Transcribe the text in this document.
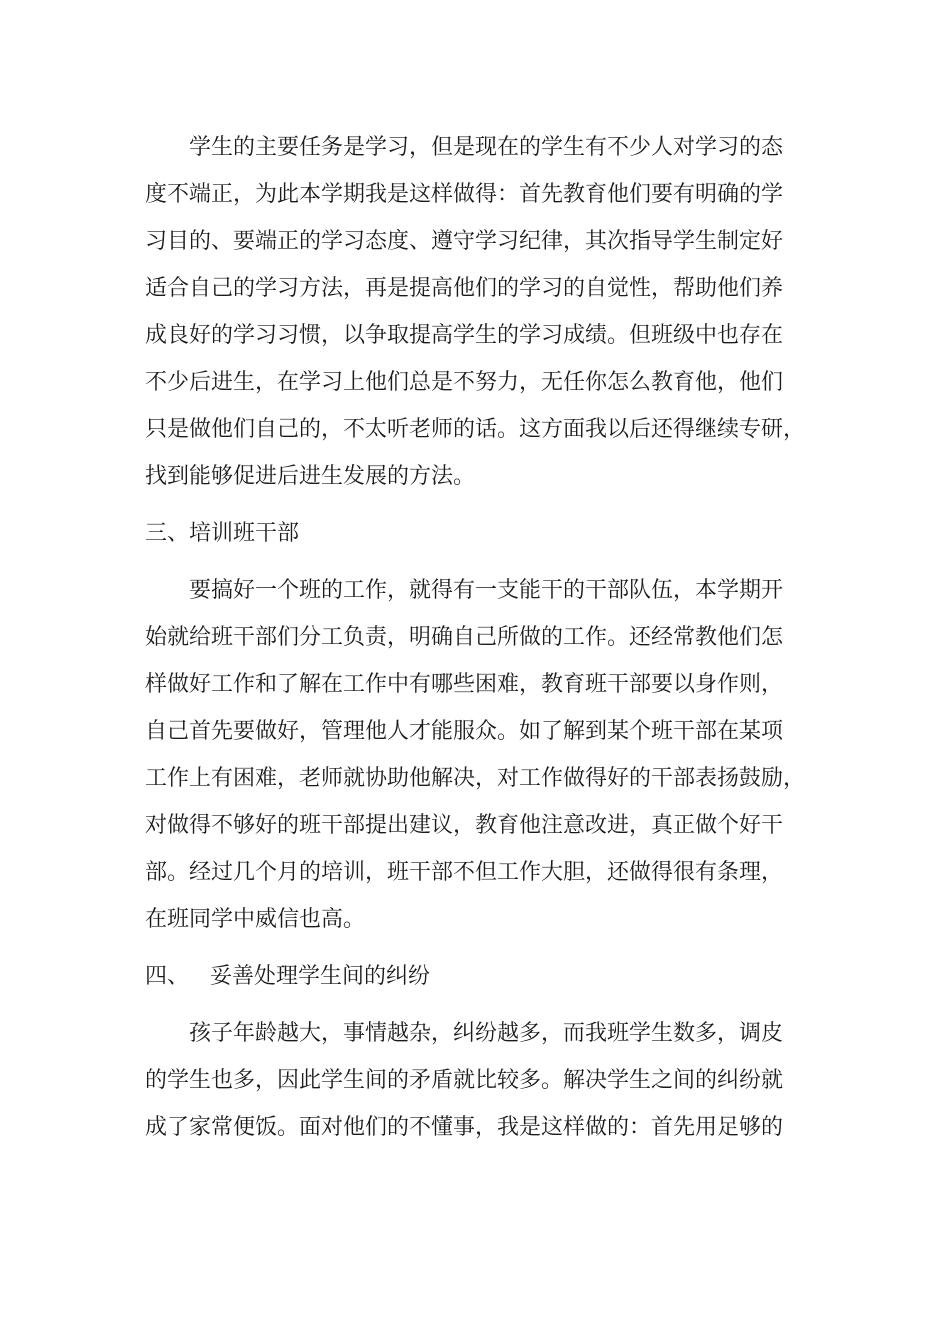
学生的主要任务是学习，但是现在的学生有不少人对学习的态
度不端正，为此本学期我是这样做得：首先教育他们要有明确的学
习目的、要端正的学习态度、遵守学习纪律，其次指导学生制定好
适合自己的学习方法，再是提高他们的学习的自觉性，帮助他们养
成良好的学习习惯，以争取提高学生的学习成绩。但班级中也存在
不少后进生，在学习上他们总是不努力，无任你怎么教育他，他们
只是做他们自己的，不太听老师的话。这方面我以后还得继续专研，
找到能够促进后进生发展的方法。
三、培训班干部
要搞好一个班的工作，就得有一支能干的干部队伍，本学期开
始就给班干部们分工负责，明确自己所做的工作。还经常教他们怎
样做好工作和了解在工作中有哪些困难，教育班干部要以身作则，
自己首先要做好，管理他人才能服众。如了解到某个班干部在某项
工作上有困难，老师就协助他解决，对工作做得好的干部表扬鼓励，
对做得不够好的班干部提出建议，教育他注意改进，真正做个好干
部。经过几个月的培训，班干部不但工作大胆，还做得很有条理，
在班同学中威信也高。
四、   妥善处理学生间的纠纷
孩子年龄越大，事情越杂，纠纷越多，而我班学生数多，调皮
的学生也多，因此学生间的矛盾就比较多。解决学生之间的纠纷就
成了家常便饭。面对他们的不懂事，我是这样做的：首先用足够的
